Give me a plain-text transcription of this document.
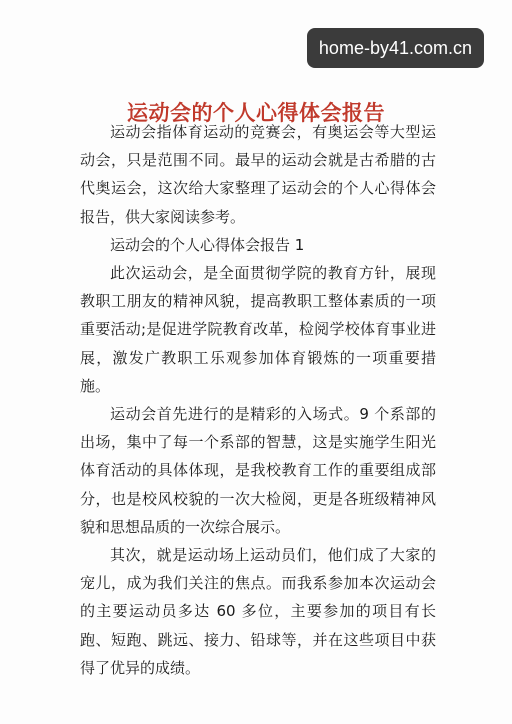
home-by41.com.cn
运动会的个人心得体会报告

运动会指体育运动的竞赛会，有奥运会等大型运动会，只是范围不同。最早的运动会就是古希腊的古代奥运会，这次给大家整理了运动会的个人心得体会报告，供大家阅读参考。

运动会的个人心得体会报告 1

此次运动会，是全面贯彻学院的教育方针，展现教职工朋友的精神风貌，提高教职工整体素质的一项重要活动;是促进学院教育改革，检阅学校体育事业进展，激发广教职工乐观参加体育锻炼的一项重要措施。

运动会首先进行的是精彩的入场式。9 个系部的出场，集中了每一个系部的智慧，这是实施学生阳光体育活动的具体体现，是我校教育工作的重要组成部分，也是校风校貌的一次大检阅，更是各班级精神风貌和思想品质的一次综合展示。

其次，就是运动场上运动员们，他们成了大家的宠儿，成为我们关注的焦点。而我系参加本次运动会的主要运动员多达 60 多位，主要参加的项目有长跑、短跑、跳远、接力、铅球等，并在这些项目中获得了优异的成绩。
